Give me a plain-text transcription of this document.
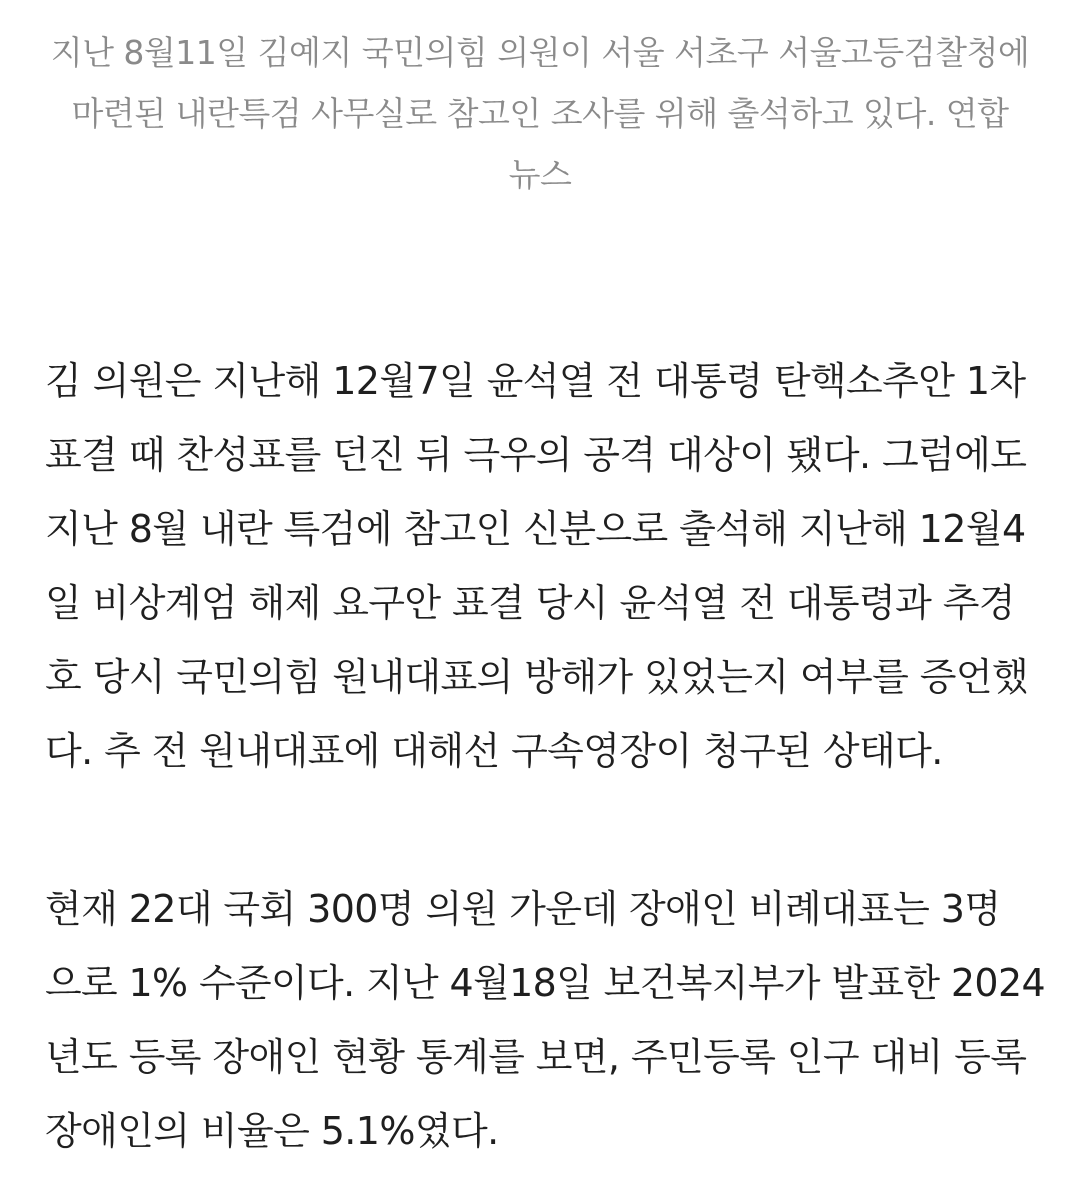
지난 8월11일 김예지 국민의힘 의원이 서울 서초구 서울고등검찰청에
마련된 내란특검 사무실로 참고인 조사를 위해 출석하고 있다. 연합
뉴스
김 의원은 지난해 12월7일 윤석열 전 대통령 탄핵소추안 1차
표결 때 찬성표를 던진 뒤 극우의 공격 대상이 됐다. 그럼에도
지난 8월 내란 특검에 참고인 신분으로 출석해 지난해 12월4
일 비상계엄 해제 요구안 표결 당시 윤석열 전 대통령과 추경
호 당시 국민의힘 원내대표의 방해가 있었는지 여부를 증언했
다. 추 전 원내대표에 대해선 구속영장이 청구된 상태다.
현재 22대 국회 300명 의원 가운데 장애인 비례대표는 3명
으로 1% 수준이다. 지난 4월18일 보건복지부가 발표한 2024
년도 등록 장애인 현황 통계를 보면, 주민등록 인구 대비 등록
장애인의 비율은 5.1%였다.
